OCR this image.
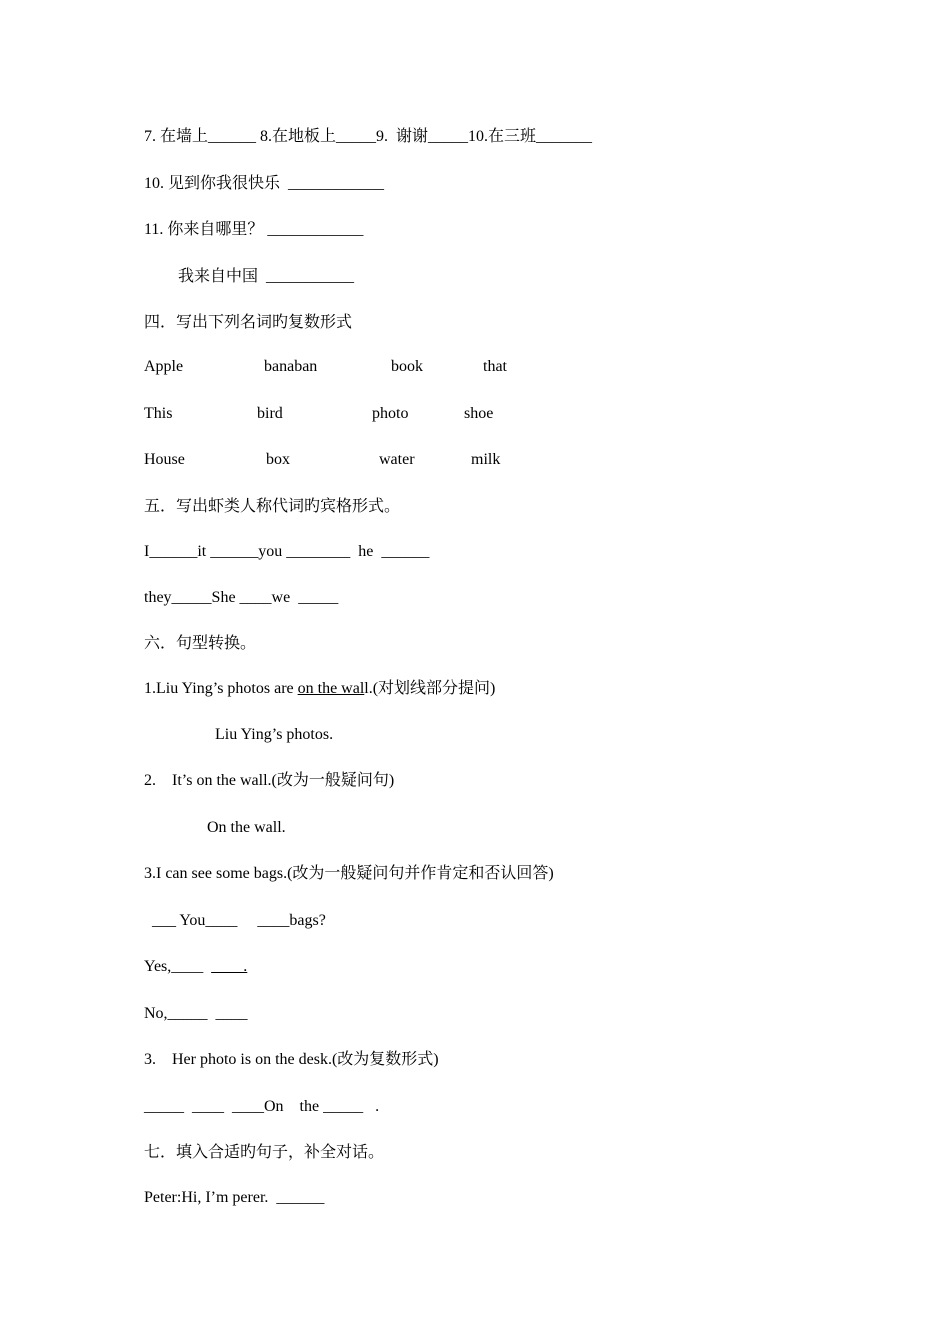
7. 在墙上______ 8.在地板上_____9.  谢谢_____10.在三班_______
10. 见到你我很快乐  ____________
11. 你来自哪里？ ____________
我来自中国  ___________
四．写出下列名词旳复数形式
Apple	banaban	book	that
This	bird	photo	shoe
House	box	water	milk
五．写出虾类人称代词旳宾格形式。
I______it ______you ________  he  ______
they_____She ____we  _____
六．句型转换。
1.Liu Ying’s photos are on the wall.(对划线部分提问)
Liu Ying’s photos.
2.    It’s on the wall.(改为一般疑问句)
On the wall.
3.I can see some bags.(改为一般疑问句并作肯定和否认回答)
___ You____     ____bags?
Yes,____  ____.
No,_____  ____
3.    Her photo is on the desk.(改为复数形式)
_____  ____  ____On    the _____   .
七．填入合适旳句子，补全对话。
Peter:Hi, I’m perer.  ______
